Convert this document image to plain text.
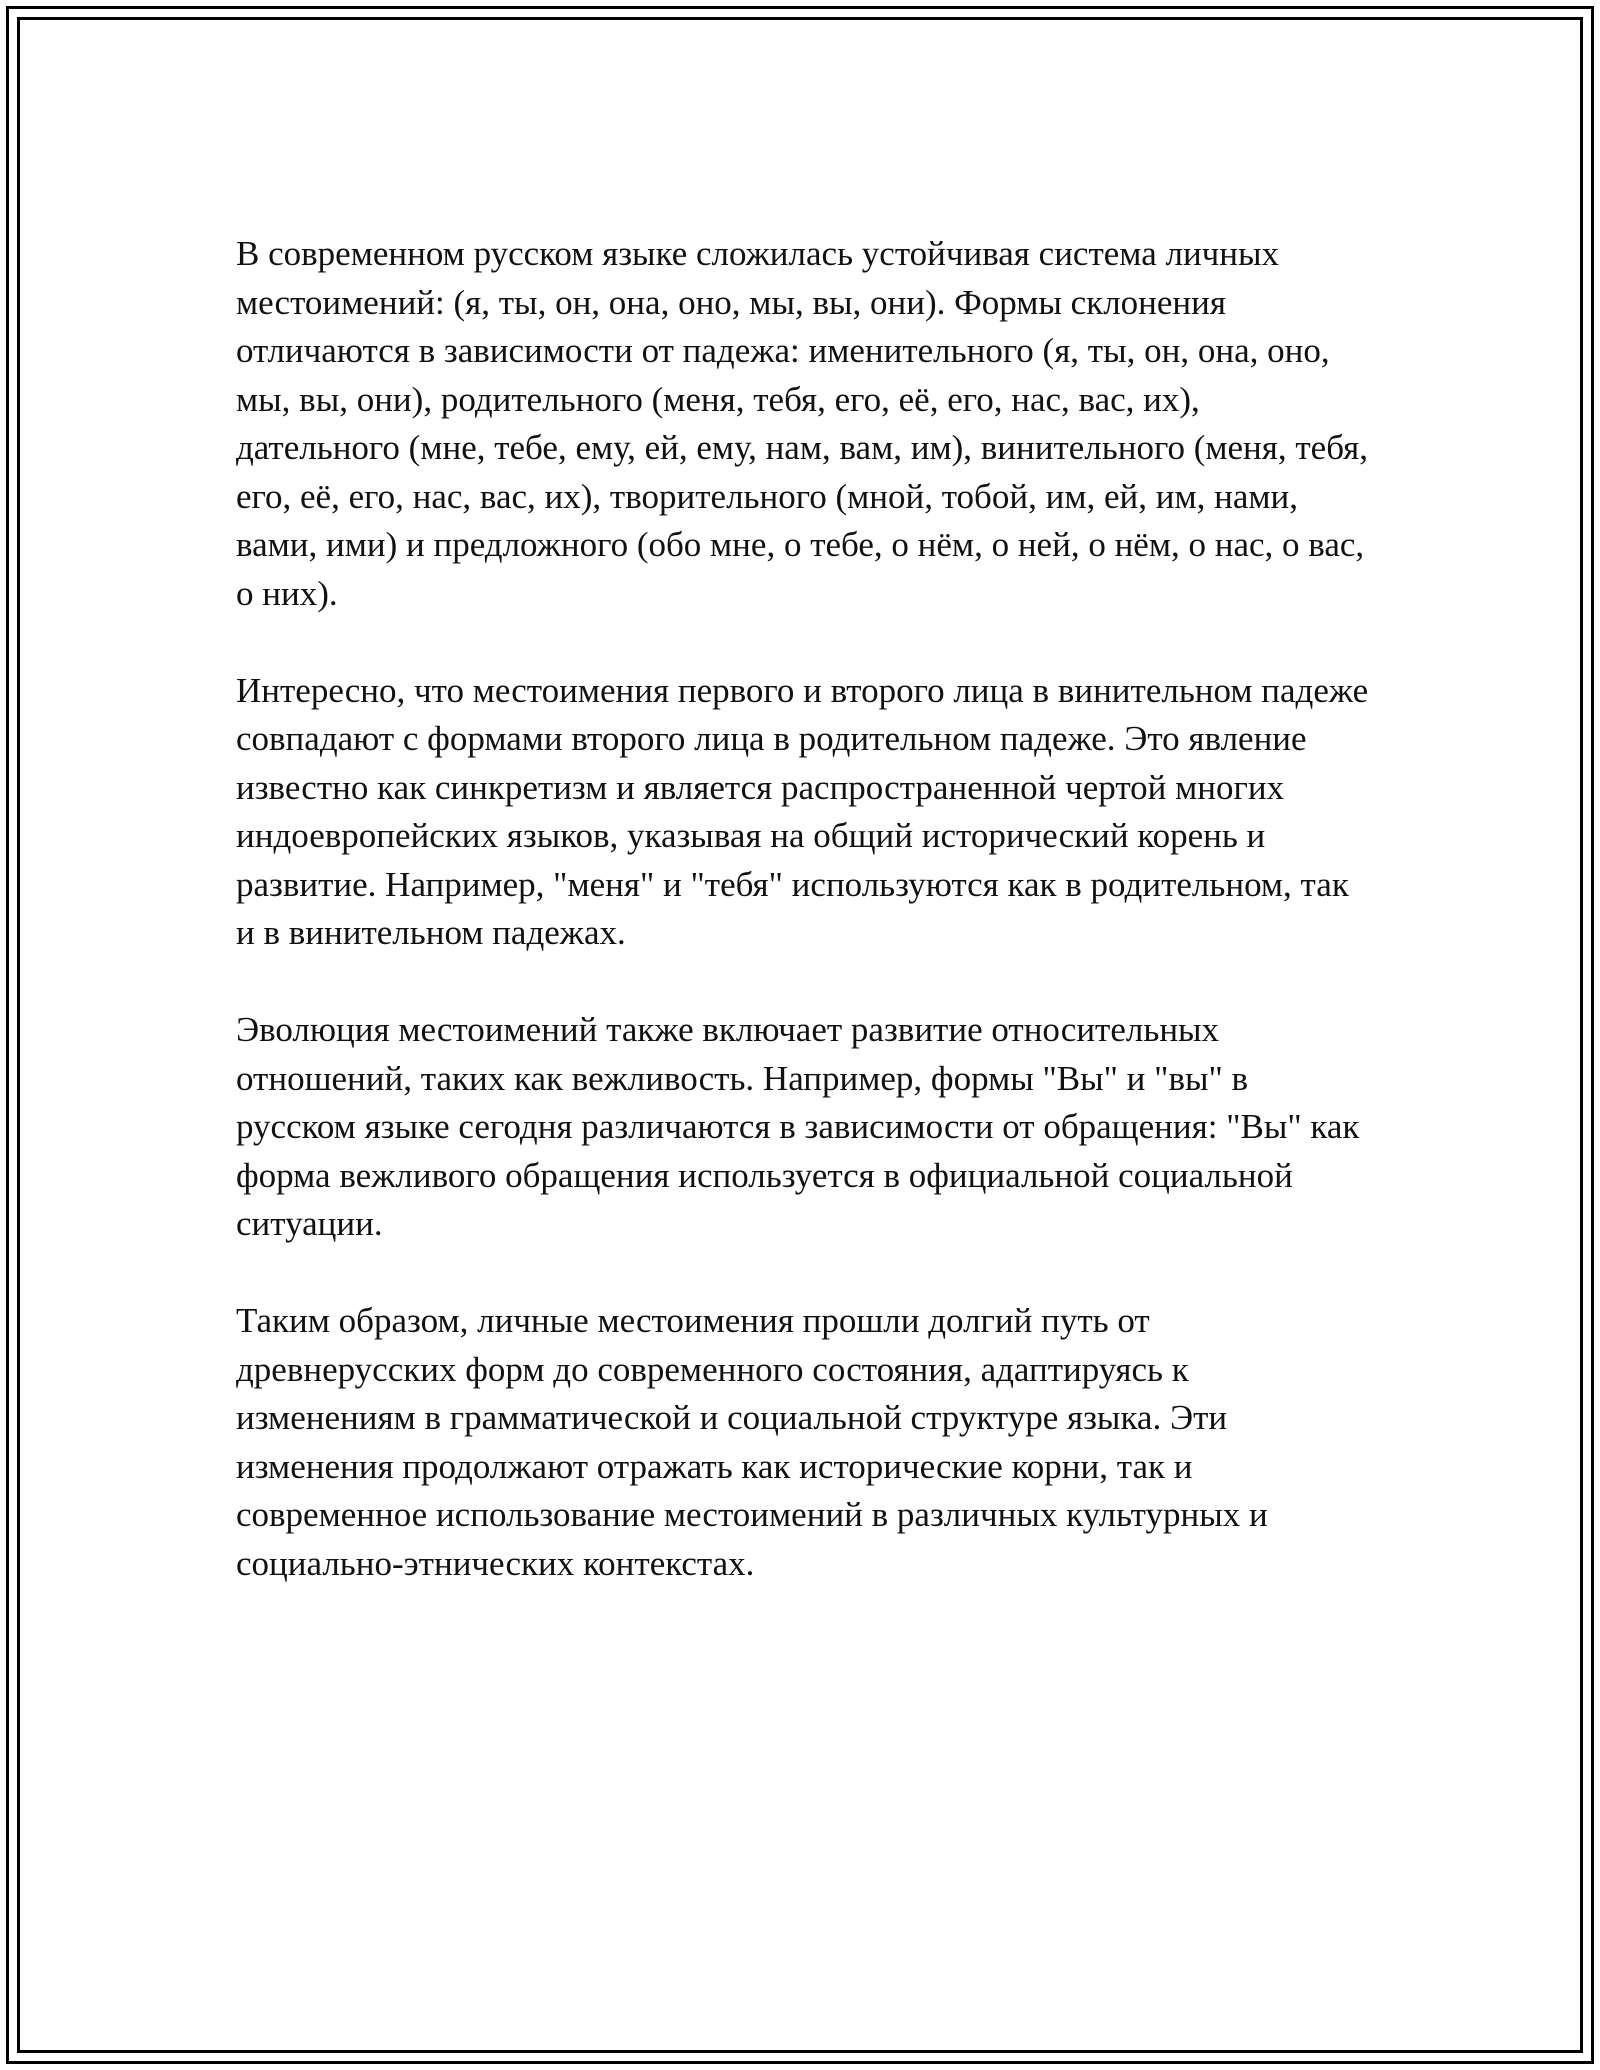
В современном русском языке сложилась устойчивая система личных местоимений: (я, ты, он, она, оно, мы, вы, они). Формы склонения отличаются в зависимости от падежа: именительного (я, ты, он, она, оно, мы, вы, они), родительного (меня, тебя, его, её, его, нас, вас, их), дательного (мне, тебе, ему, ей, ему, нам, вам, им), винительного (меня, тебя, его, её, его, нас, вас, их), творительного (мной, тобой, им, ей, им, нами, вами, ими) и предложного (обо мне, о тебе, о нём, о ней, о нём, о нас, о вас, о них).

Интересно, что местоимения первого и второго лица в винительном падеже совпадают с формами второго лица в родительном падеже. Это явление известно как синкретизм и является распространенной чертой многих индоевропейских языков, указывая на общий исторический корень и развитие. Например, "меня" и "тебя" используются как в родительном, так и в винительном падежах.

Эволюция местоимений также включает развитие относительных отношений, таких как вежливость. Например, формы "Вы" и "вы" в русском языке сегодня различаются в зависимости от обращения: "Вы" как форма вежливого обращения используется в официальной социальной ситуации.

Таким образом, личные местоимения прошли долгий путь от древнерусских форм до современного состояния, адаптируясь к изменениям в грамматической и социальной структуре языка. Эти изменения продолжают отражать как исторические корни, так и современное использование местоимений в различных культурных и социально-этнических контекстах.
